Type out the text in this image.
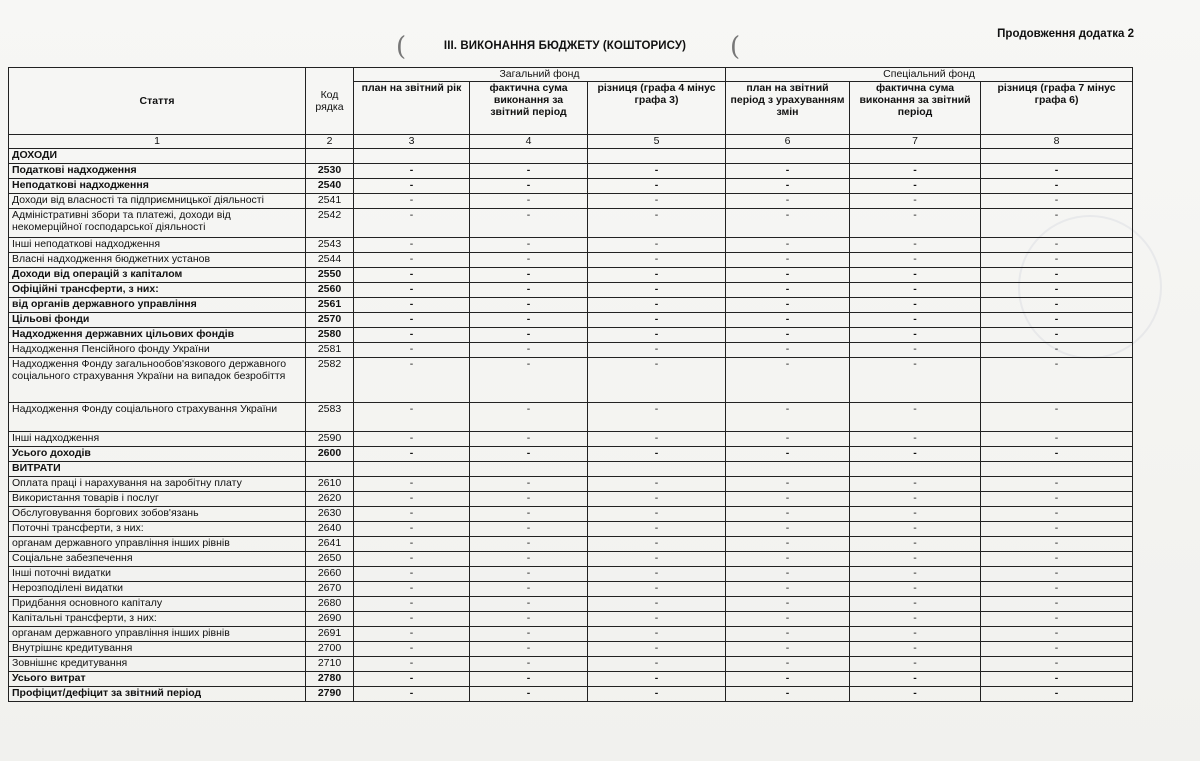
Продовження додатка 2
(	ІІІ. ВИКОНАННЯ БЮДЖЕТУ (КОШТОРИСУ)	(
Стаття	Код рядка	Загальний фонд			Спеціальний фонд		
		план на звітний рік	фактична сума виконання за звітний період	різниця (графа 4 мінус графа 3)	план на звітний період з урахуванням змін	фактична сума виконання за звітний період	різниця (графа 7 мінус графа 6)
1	2	3	4	5	6	7	8
ДОХОДИ							
Податкові надходження	2530	-	-	-	-	-	-
Неподаткові надходження	2540	-	-	-	-	-	-
Доходи від власності та підприємницької діяльності	2541	-	-	-	-	-	-
Адміністративні збори та платежі, доходи від некомерційної господарської діяльності	2542	-	-	-	-	-	-
Інші неподаткові надходження	2543	-	-	-	-	-	-
Власні надходження бюджетних установ	2544	-	-	-	-	-	-
Доходи від операцій з капіталом	2550	-	-	-	-	-	-
Офіційні трансферти, з них:	2560	-	-	-	-	-	-
від органів державного управління	2561	-	-	-	-	-	-
Цільові фонди	2570	-	-	-	-	-	-
Надходження державних цільових фондів	2580	-	-	-	-	-	-
Надходження Пенсійного фонду України	2581	-	-	-	-	-	-
Надходження Фонду загальнообов'язкового державного соціального страхування України на випадок безробіття	2582	-	-	-	-	-	-
Надходження Фонду соціального страхування України	2583	-	-	-	-	-	-
Інші надходження	2590	-	-	-	-	-	-
Усього доходів	2600	-	-	-	-	-	-
ВИТРАТИ							
Оплата праці і нарахування на заробітну плату	2610	-	-	-	-	-	-
Використання товарів і послуг	2620	-	-	-	-	-	-
Обслуговування боргових зобов'язань	2630	-	-	-	-	-	-
Поточні трансферти, з них:	2640	-	-	-	-	-	-
органам державного управління інших рівнів	2641	-	-	-	-	-	-
Соціальне забезпечення	2650	-	-	-	-	-	-
Інші поточні видатки	2660	-	-	-	-	-	-
Нерозподілені видатки	2670	-	-	-	-	-	-
Придбання основного капіталу	2680	-	-	-	-	-	-
Капітальні трансферти, з них:	2690	-	-	-	-	-	-
органам державного управління інших рівнів	2691	-	-	-	-	-	-
Внутрішнє кредитування	2700	-	-	-	-	-	-
Зовнішнє кредитування	2710	-	-	-	-	-	-
Усього витрат	2780	-	-	-	-	-	-
Профіцит/дефіцит за звітний період	2790	-	-	-	-	-	-
